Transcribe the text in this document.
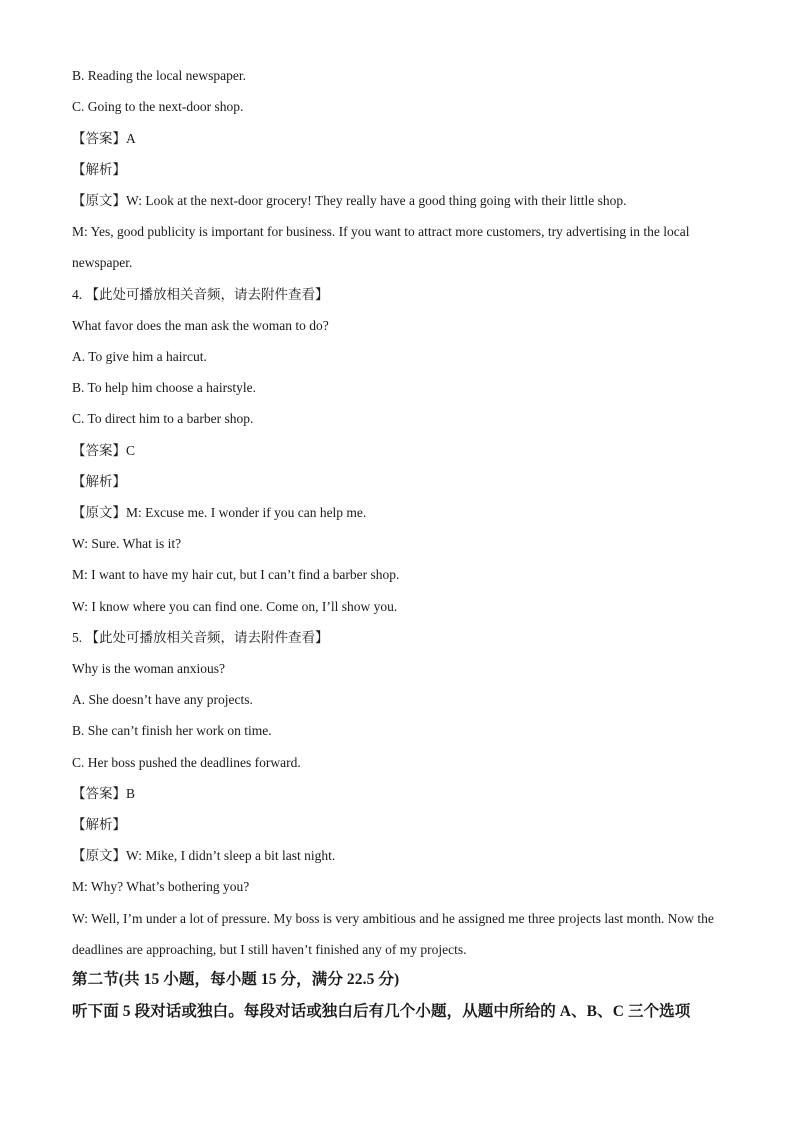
B. Reading the local newspaper.
C. Going to the next-door shop.
【答案】A
【解析】
【原文】W: Look at the next-door grocery! They really have a good thing going with their little shop.
M: Yes, good publicity is important for business. If you want to attract more customers, try advertising in the local newspaper.
4. 【此处可播放相关音频，请去附件查看】
What favor does the man ask the woman to do?
A. To give him a haircut.
B. To help him choose a hairstyle.
C. To direct him to a barber shop.
【答案】C
【解析】
【原文】M: Excuse me. I wonder if you can help me.
W: Sure. What is it?
M: I want to have my hair cut, but I can’t find a barber shop.
W: I know where you can find one. Come on, I’ll show you.
5. 【此处可播放相关音频，请去附件查看】
Why is the woman anxious?
A. She doesn’t have any projects.
B. She can’t finish her work on time.
C. Her boss pushed the deadlines forward.
【答案】B
【解析】
【原文】W: Mike, I didn’t sleep a bit last night.
M: Why? What’s bothering you?
W: Well, I’m under a lot of pressure. My boss is very ambitious and he assigned me three projects last month. Now the deadlines are approaching, but I still haven’t finished any of my projects.
第二节(共 15 小题，每小题 15 分，满分 22.5 分)
听下面 5 段对话或独白。每段对话或独白后有几个小题，从题中所给的 A、B、C 三个选项
